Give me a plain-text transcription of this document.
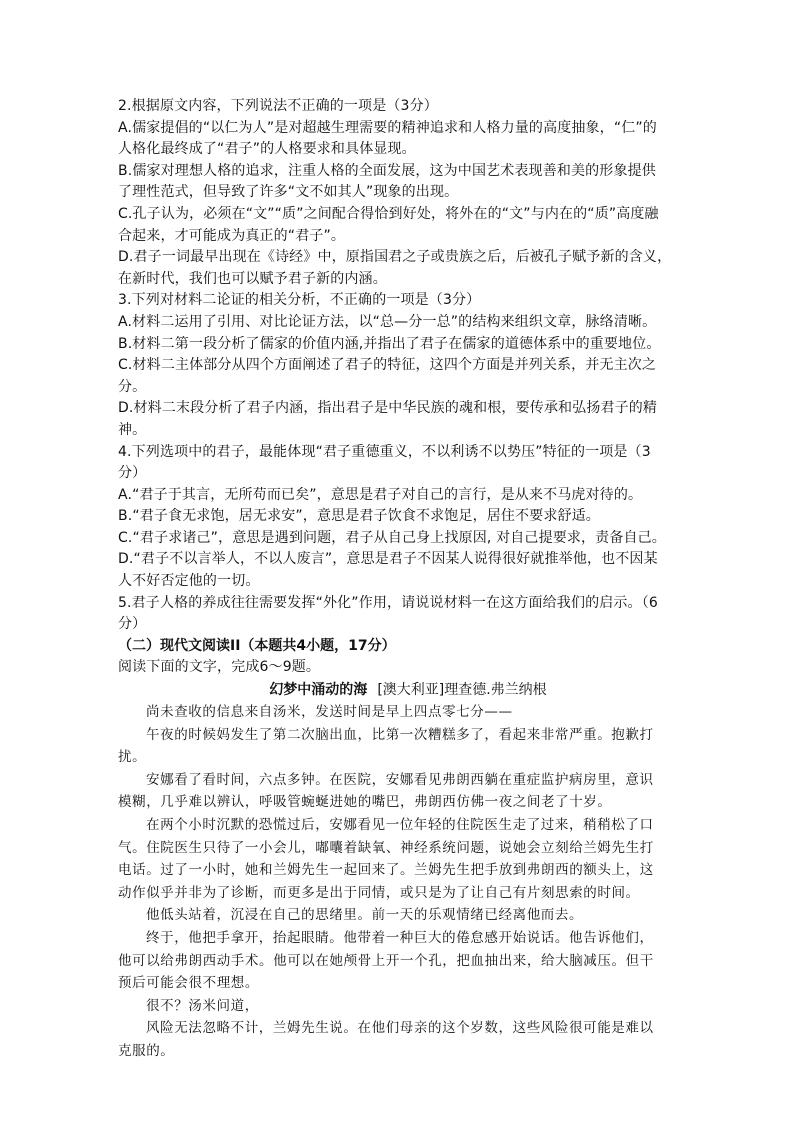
2.根据原文内容，下列说法不正确的一项是（3分）
A.儒家提倡的“以仁为人”是对超越生理需要的精神追求和人格力量的高度抽象，“仁”的
人格化最终成了“君子”的人格要求和具体显现。
B.儒家对理想人格的追求，注重人格的全面发展，这为中国艺术表现善和美的形象提供
了理性范式，但导致了许多“文不如其人”现象的出现。
C.孔子认为，必须在“文”“质”之间配合得恰到好处，将外在的“文”与内在的“质”高度融
合起来，才可能成为真正的“君子”。
D.君子一词最早出现在《诗经》中，原指国君之子或贵族之后，后被孔子赋予新的含义，
在新时代，我们也可以赋予君子新的内涵。
3.下列对材料二论证的相关分析，不正确的一项是（3分）
A.材料二运用了引用、对比论证方法，以“总—分一总”的结构来组织文章，脉络清晰。
B.材料二第一段分析了儒家的价值内涵,并指出了君子在儒家的道德体系中的重要地位。
C.材料二主体部分从四个方面阐述了君子的特征，这四个方面是并列关系，并无主次之
分。
D.材料二末段分析了君子内涵，指出君子是中华民族的魂和根，要传承和弘扬君子的精
神。
4.下列选项中的君子，最能体现“君子重德重义，不以利诱不以势压”特征的一项是（3
分）
A.“君子于其言，无所苟而已矣”，意思是君子对自己的言行，是从来不马虎对待的。
B.“君子食无求饱，居无求安”，意思是君子饮食不求饱足，居住不要求舒适。
C.“君子求诸己”，意思是遇到问题，君子从自己身上找原因, 对自己提要求，责备自己。
D.“君子不以言举人，不以人废言”，意思是君子不因某人说得很好就推举他，也不因某
人不好否定他的一切。
5.君子人格的养成往往需要发挥“外化”作用，请说说材料一在这方面给我们的启示。（6
分）
（二）现代文阅读II（本题共4小题，17分）
阅读下面的文字，完成6～9题。
幻梦中涌动的海 [澳大利亚]理查德.弗兰纳根
尚未查收的信息来自汤米，发送时间是早上四点零七分——
午夜的时候妈发生了第二次脑出血，比第一次糟糕多了，看起来非常严重。抱歉打
扰。
安娜看了看时间，六点多钟。在医院，安娜看见弗朗西躺在重症监护病房里，意识
模糊，几乎难以辨认，呼吸管蜿蜒进她的嘴巴，弗朗西仿佛一夜之间老了十岁。
在两个小时沉默的恐慌过后，安娜看见一位年轻的住院医生走了过来，稍稍松了口
气。住院医生只待了一小会儿，嘟囔着缺氧、神经系统问题，说她会立刻给兰姆先生打
电话。过了一小时，她和兰姆先生一起回来了。兰姆先生把手放到弗朗西的额头上，这
动作似乎并非为了诊断，而更多是出于同情，或只是为了让自己有片刻思索的时间。
他低头站着，沉浸在自己的思绪里。前一天的乐观情绪已经离他而去。
终于，他把手拿开，抬起眼睛。他带着一种巨大的倦怠感开始说话。他告诉他们，
他可以给弗朗西动手术。他可以在她颅骨上开一个孔，把血抽出来，给大脑减压。但干
预后可能会很不理想。
很不？汤米问道，
风险无法忽略不计，兰姆先生说。在他们母亲的这个岁数，这些风险很可能是难以
克服的。
